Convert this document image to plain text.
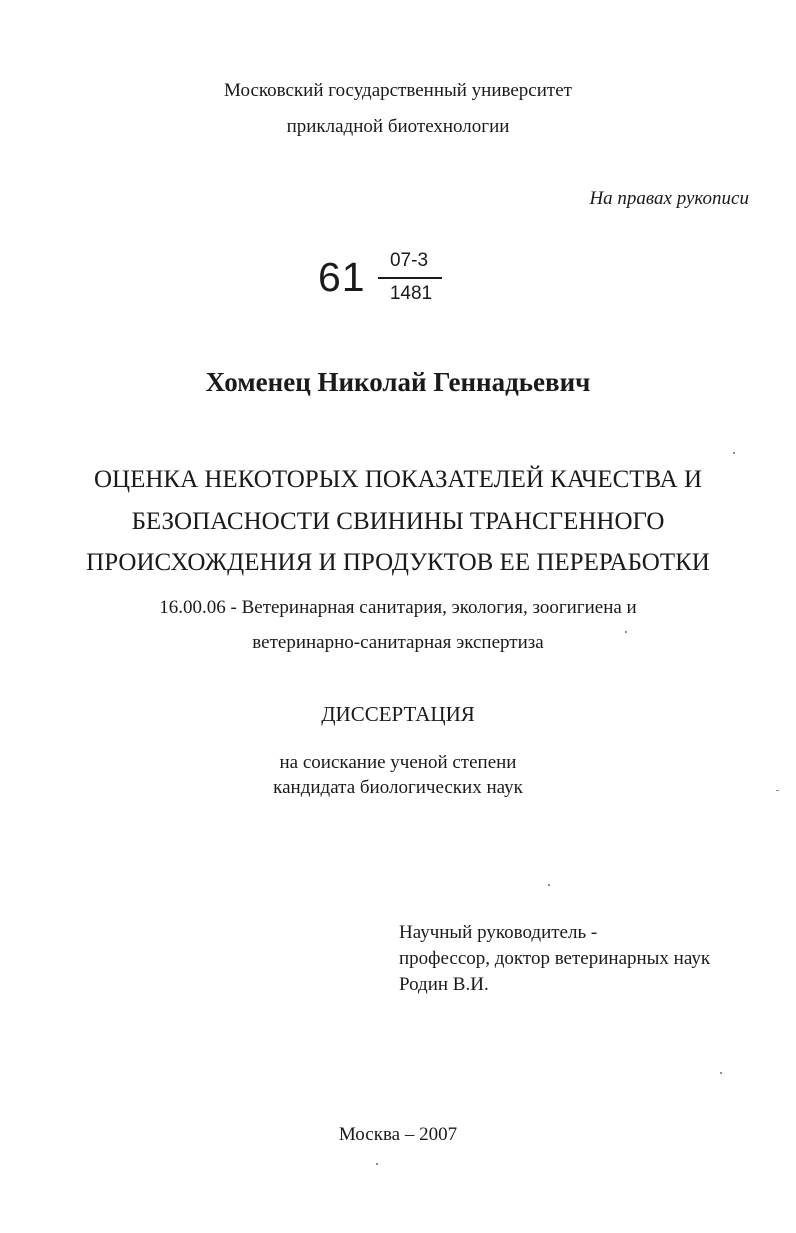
Московский государственный университет
прикладной биотехнологии
На правах рукописи
61	07-3
1481
Хоменец Николай Геннадьевич
ОЦЕНКА НЕКОТОРЫХ ПОКАЗАТЕЛЕЙ КАЧЕСТВА И
БЕЗОПАСНОСТИ СВИНИНЫ ТРАНСГЕННОГО
ПРОИСХОЖДЕНИЯ И ПРОДУКТОВ ЕЕ ПЕРЕРАБОТКИ
16.00.06 - Ветеринарная санитария, экология, зоогигиена и
ветеринарно-санитарная экспертиза
ДИССЕРТАЦИЯ
на соискание ученой степени
кандидата биологических наук
Научный руководитель -
профессор, доктор ветеринарных наук
Родин В.И.
Москва – 2007
